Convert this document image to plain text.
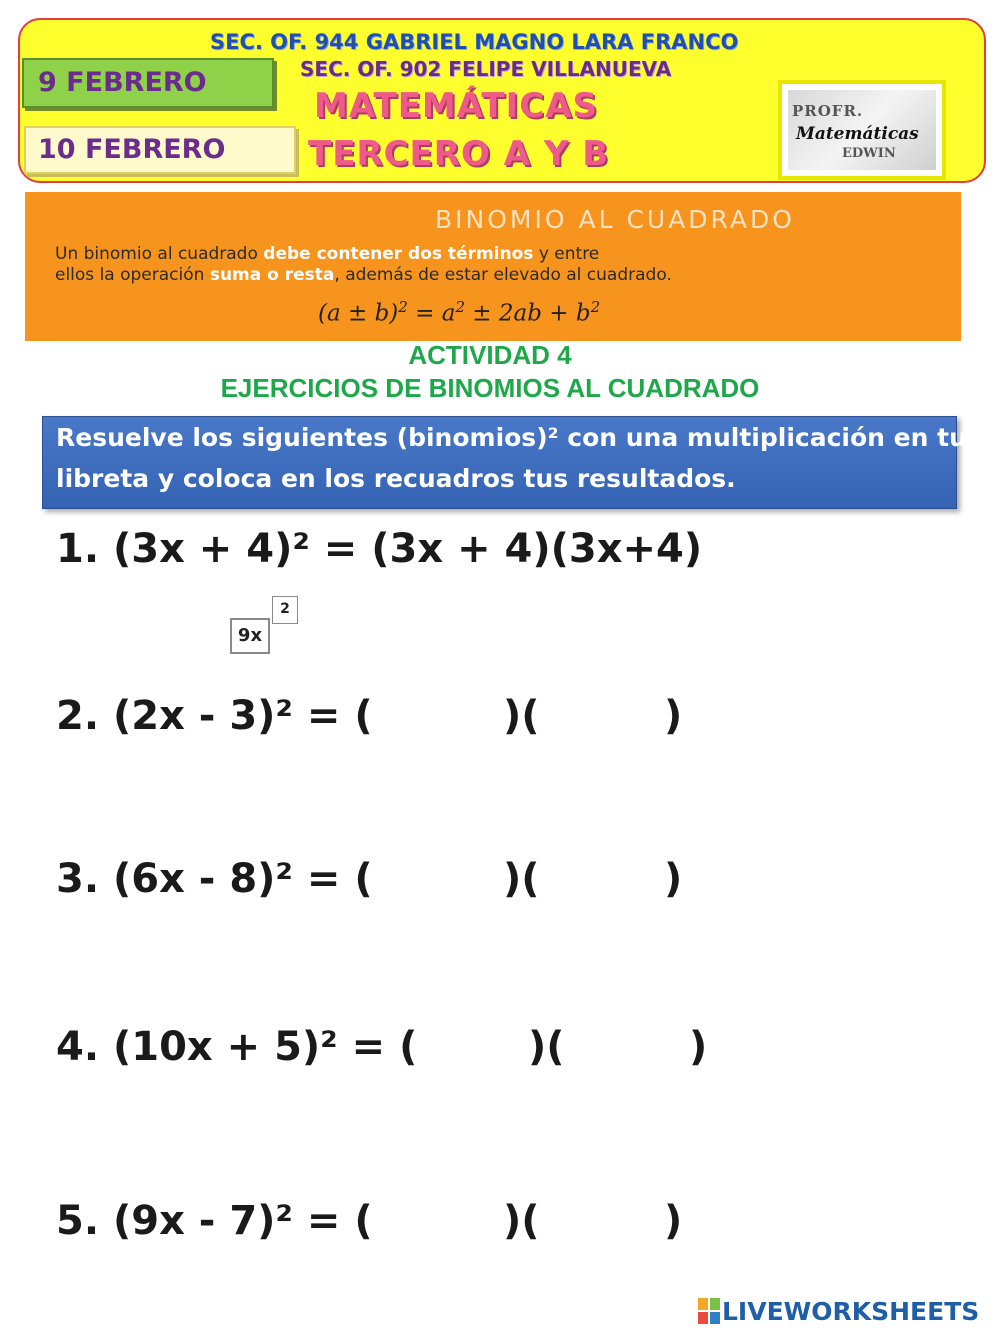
SEC. OF. 944 GABRIEL MAGNO LARA FRANCO
SEC. OF. 902 FELIPE VILLANUEVA
MATEMÁTICAS
TERCERO A Y B
9 FEBRERO
10 FEBRERO
PROFR.
Matemáticas
EDWIN
BINOMIO AL CUADRADO
Un binomio al cuadrado debe contener dos términos y entre
ellos la operación suma o resta, además de estar elevado al cuadrado.
$(a \pm b)^2 = a^2 \pm 2ab + b^2$
ACTIVIDAD 4
EJERCICIOS DE BINOMIOS AL CUADRADO
Resuelve los siguientes (binomios)² con una multiplicación en tu
libreta y coloca en los recuadros tus resultados.
1. (3x + 4)² = (3x + 4)(3x+4)
9x
2
2. (2x - 3)² = (	)(	)
3. (6x - 8)² = (	)(	)
4. (10x + 5)² = (	)(	)
5. (9x - 7)² = (	)(	)
LIVEWORKSHEETS
